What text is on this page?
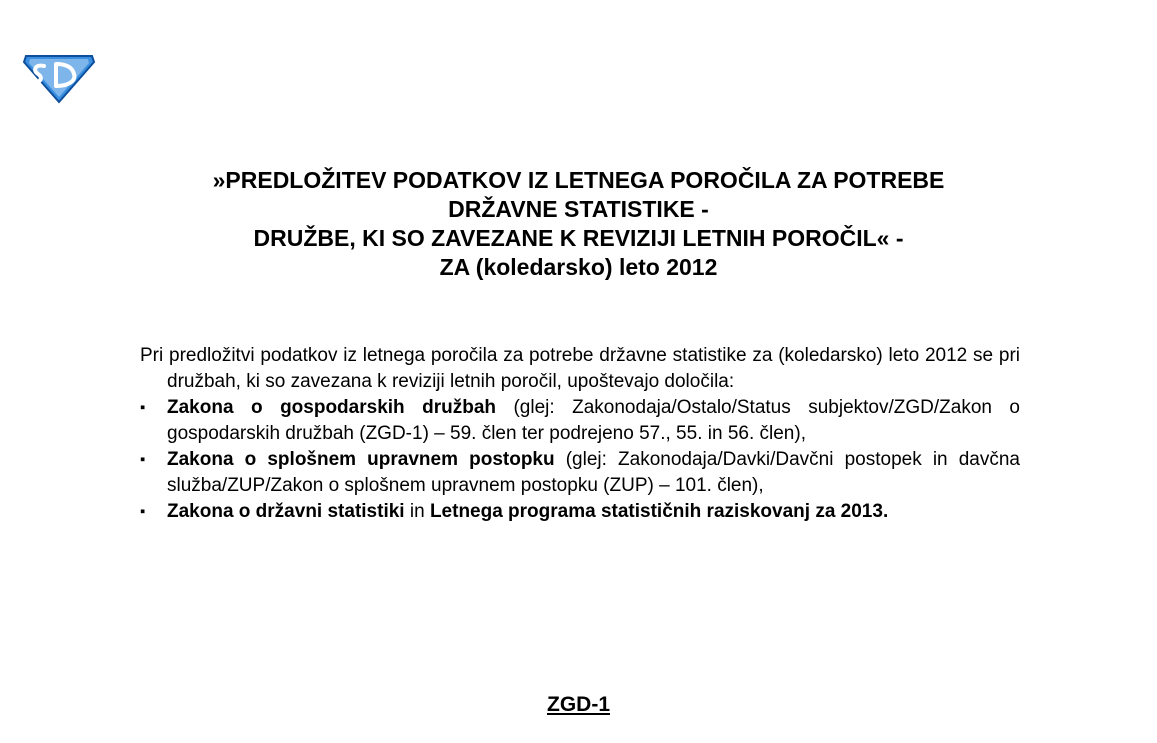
SD
»PREDLOŽITEV PODATKOV IZ LETNEGA POROČILA ZA POTREBE
DRŽAVNE STATISTIKE -
DRUŽBE, KI SO ZAVEZANE K REVIZIJI LETNIH POROČIL« -
ZA (koledarsko) leto 2012
Pri predložitvi podatkov iz letnega poročila za potrebe državne statistike za (koledarsko) leto 2012 se pri družbah, ki so zavezana k reviziji letnih poročil, upoštevajo določila:
▪ Zakona o gospodarskih družbah (glej: Zakonodaja/Ostalo/Status subjektov/ZGD/Zakon o gospodarskih družbah (ZGD-1) – 59. člen ter podrejeno 57., 55. in 56. člen),
▪ Zakona o splošnem upravnem postopku (glej: Zakonodaja/Davki/Davčni postopek in davčna služba/ZUP/Zakon o splošnem upravnem postopku (ZUP) – 101. člen),
▪ Zakona o državni statistiki in Letnega programa statističnih raziskovanj za 2013.
ZGD-1
